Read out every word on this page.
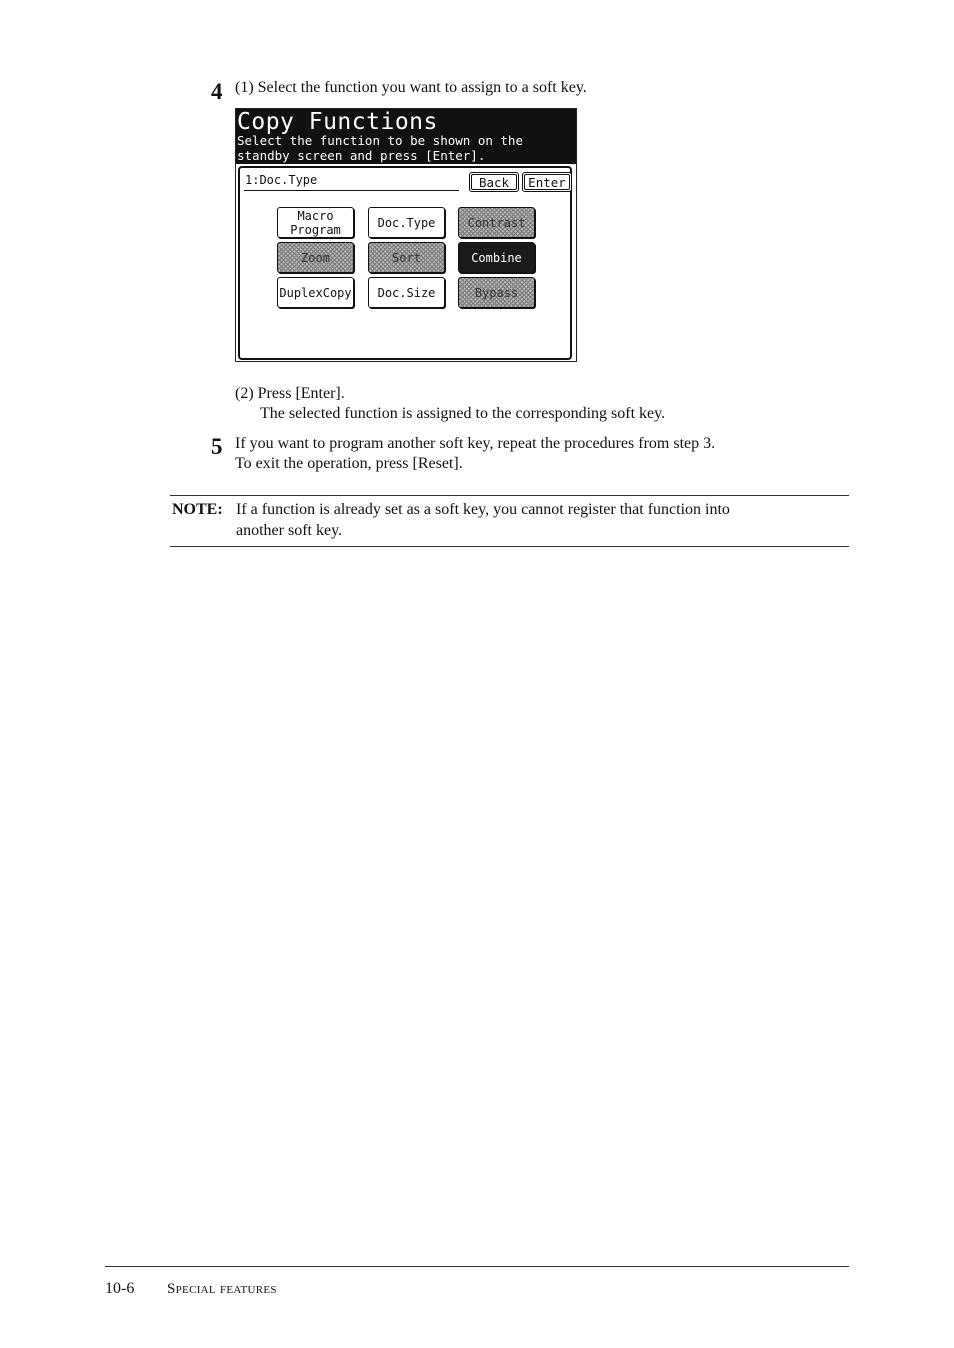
4 (1) Select the function you want to assign to a soft key.
Copy Functions
Select the function to be shown on the
standby screen and press [Enter].
1:Doc.Type	Back	Enter
Macro Program	Doc.Type	Contrast
Zoom	Sort	Combine
DuplexCopy	Doc.Size	Bypass
(2) Press [Enter].
The selected function is assigned to the corresponding soft key.
5 If you want to program another soft key, repeat the procedures from step 3.
To exit the operation, press [Reset].
NOTE: If a function is already set as a soft key, you cannot register that function into
another soft key.
10-6 Special features
